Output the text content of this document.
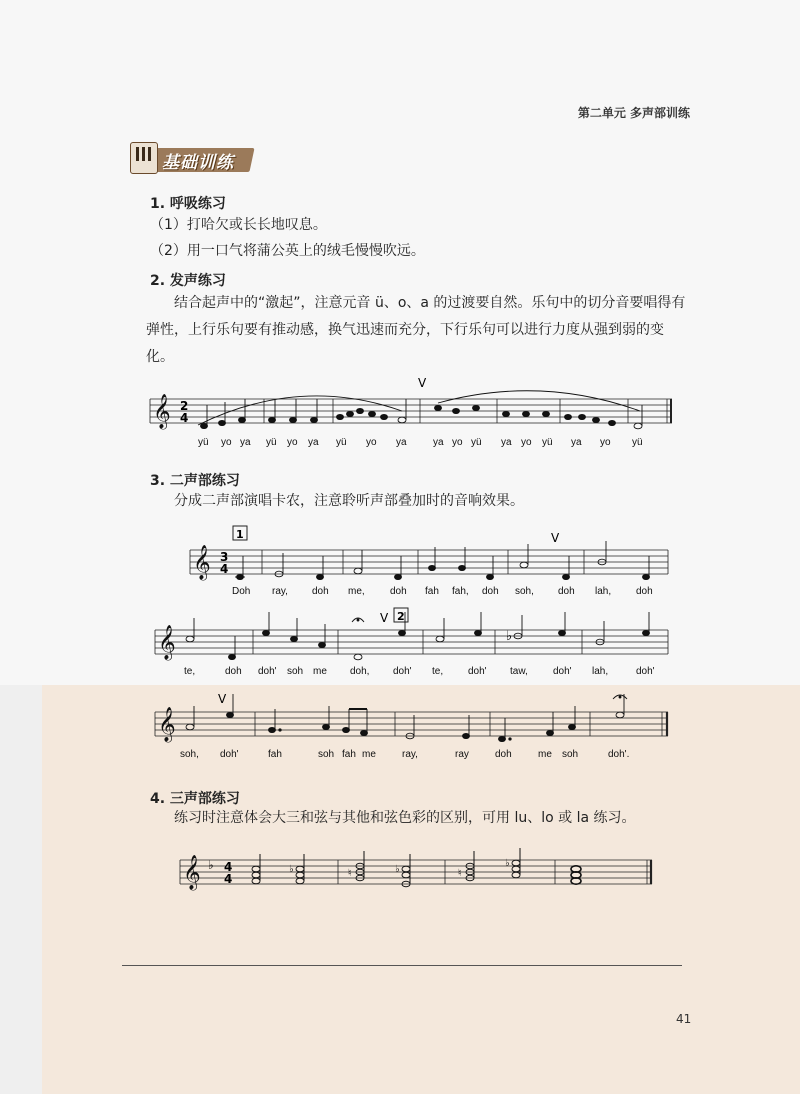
第二单元 多声部训练
基础训练
1. 呼吸练习
（1）打哈欠或长长地叹息。
（2）用一口气将蒲公英上的绒毛慢慢吹远。
2. 发声练习
结合起声中的“激起”，注意元音 ü、o、a 的过渡要自然。乐句中的切分音要唱得有弹性，上行乐句要有推动感，换气迅速而充分，下行乐句可以进行力度从强到弱的变化。
𝄞 2
4
V
yü yo ya yü yo ya yü yo ya	ya yo yü ya yo yü ya yo yü
3. 二声部练习
分成二声部演唱卡农，注意聆听声部叠加时的音响效果。
1	V
𝄞 3
4
Doh ray, doh me,	doh fah fah, doh soh, doh lah, doh
2
V
𝄞	♭
te,	doh doh' soh me doh, doh' te, doh' taw,	doh' lah,	doh'
V
𝄞
soh, doh'	fah	soh fah me	ray,	ray	doh	me soh	doh'.
4. 三声部练习
练习时注意体会大三和弦与其他和弦色彩的区别，可用 lu、lo 或 la 练习。
𝄞 ♭ 4
4
♭	♮	♭	♮
♭
41
